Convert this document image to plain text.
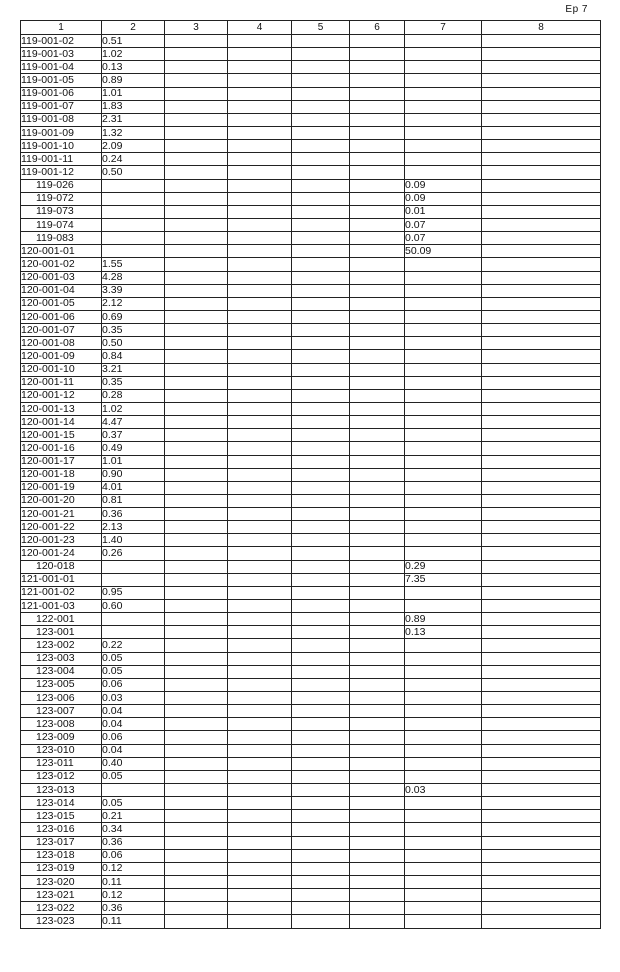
Ep 7
1	2	3	4	5	6	7	8
119-001-02	0.51						
119-001-03	1.02						
119-001-04	0.13						
119-001-05	0.89						
119-001-06	1.01						
119-001-07	1.83						
119-001-08	2.31						
119-001-09	1.32						
119-001-10	2.09						
119-001-11	0.24						
119-001-12	0.50						
119-026						0.09	
119-072						0.09	
119-073						0.01	
119-074						0.07	
119-083						0.07	
120-001-01						50.09	
120-001-02	1.55						
120-001-03	4.28						
120-001-04	3.39						
120-001-05	2.12						
120-001-06	0.69						
120-001-07	0.35						
120-001-08	0.50						
120-001-09	0.84						
120-001-10	3.21						
120-001-11	0.35						
120-001-12	0.28						
120-001-13	1.02						
120-001-14	4.47						
120-001-15	0.37						
120-001-16	0.49						
120-001-17	1.01						
120-001-18	0.90						
120-001-19	4.01						
120-001-20	0.81						
120-001-21	0.36						
120-001-22	2.13						
120-001-23	1.40						
120-001-24	0.26						
120-018						0.29	
121-001-01						7.35	
121-001-02	0.95						
121-001-03	0.60						
122-001						0.89	
123-001						0.13	
123-002	0.22						
123-003	0.05						
123-004	0.05						
123-005	0.06						
123-006	0.03						
123-007	0.04						
123-008	0.04						
123-009	0.06						
123-010	0.04						
123-011	0.40						
123-012	0.05						
123-013						0.03	
123-014	0.05						
123-015	0.21						
123-016	0.34						
123-017	0.36						
123-018	0.06						
123-019	0.12						
123-020	0.11						
123-021	0.12						
123-022	0.36						
123-023	0.11						
